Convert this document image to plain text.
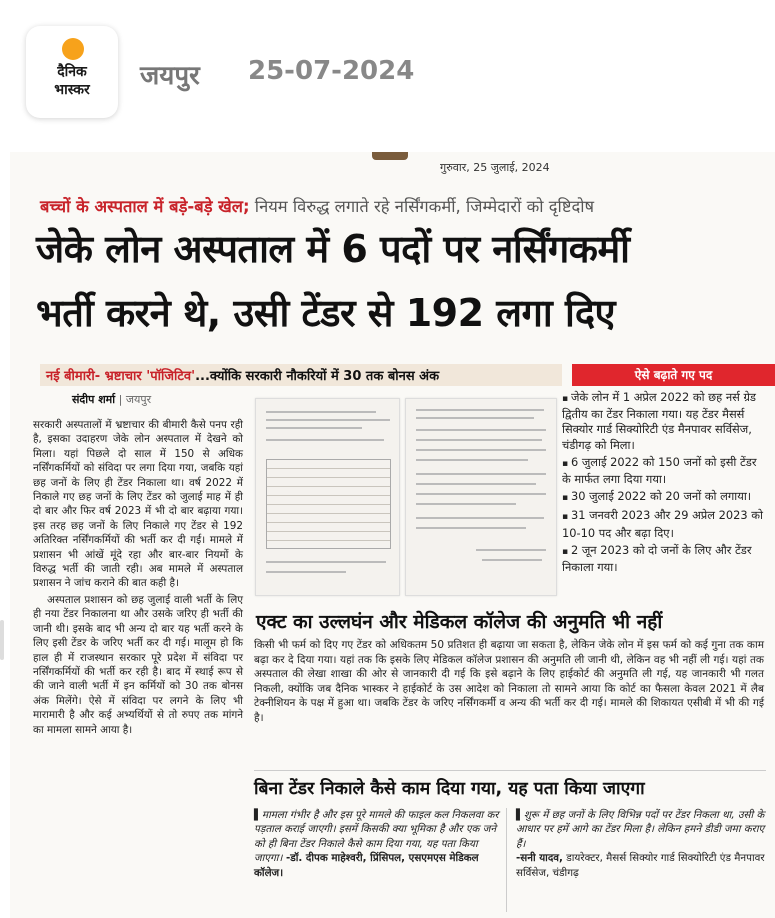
दैनिक
भास्कर	जयपुर 25-07-2024
गुरुवार, 25 जुलाई, 2024
बच्चों के अस्पताल में बड़े-बड़े खेल; नियम विरुद्ध लगाते रहे नर्सिंगकर्मी, जिम्मेदारों को दृष्टिदोष
जेके लोन अस्पताल में 6 पदों पर नर्सिंगकर्मी
भर्ती करने थे, उसी टेंडर से 192 लगा दिए
नई बीमारी- भ्रष्टाचार 'पॉजिटिव'...क्योंकि सरकारी नौकरियों में 30 तक बोनस अंक	ऐसे बढ़ाते गए पद
संदीप शर्मा | जयपुर

सरकारी अस्पतालों में भ्रष्टाचार की बीमारी कैसे पनप रही है, इसका उदाहरण जेके लोन अस्पताल में देखने को मिला। यहां पिछले दो साल में 150 से अधिक नर्सिंगकर्मियों को संविदा पर लगा दिया गया, जबकि यहां छह जनों के लिए ही टेंडर निकाला था। वर्ष 2022 में निकाले गए छह जनों के लिए टेंडर को जुलाई माह में ही दो बार और फिर वर्ष 2023 में भी दो बार बढ़ाया गया। इस तरह छह जनों के लिए निकाले गए टेंडर से 192 अतिरिक्त नर्सिंगकर्मियों की भर्ती कर दी गई। मामले में प्रशासन भी आंखें मूंदे रहा और बार-बार नियमों के विरुद्ध भर्ती की जाती रही। अब मामले में अस्पताल प्रशासन ने जांच कराने की बात कही है।

अस्पताल प्रशासन को छह जुलाई वाली भर्ती के लिए ही नया टेंडर निकालना था और उसके जरिए ही भर्ती की जानी थी। इसके बाद भी अन्य दो बार यह भर्ती करने के लिए इसी टेंडर के जरिए भर्ती कर दी गई। मालूम हो कि हाल ही में राजस्थान सरकार पूरे प्रदेश में संविदा पर नर्सिंगकर्मियों की भर्ती कर रही है। बाद में स्थाई रूप से की जाने वाली भर्ती में इन कर्मियों को 30 तक बोनस अंक मिलेंगे। ऐसे में संविदा पर लगने के लिए भी मारामारी है और कई अभ्यर्थियों से तो रुपए तक मांगने का मामला सामने आया है।

▪ जेके लोन में 1 अप्रेल 2022 को छह नर्स ग्रेड द्वितीय का टेंडर निकाला गया। यह टेंडर मैसर्स सिक्योर गार्ड सिक्योरिटी एंड मैनपावर सर्विसेज, चंडीगढ़ को मिला।
▪ 6 जुलाई 2022 को 150 जनों को इसी टेंडर के मार्फत लगा दिया गया।
▪ 30 जुलाई 2022 को 20 जनों को लगाया।
▪ 31 जनवरी 2023 और 29 अप्रेल 2023 को 10-10 पद और बढ़ा दिए।
▪ 2 जून 2023 को दो जनों के लिए और टेंडर निकाला गया।
एक्ट का उल्लघंन और मेडिकल कॉलेज की अनुमति भी नहीं
किसी भी फर्म को दिए गए टेंडर को अधिकतम 50 प्रतिशत ही बढ़ाया जा सकता है, लेकिन जेके लोन में इस फर्म को कई गुना तक काम बढ़ा कर दे दिया गया। यहां तक कि इसके लिए मेडिकल कॉलेज प्रशासन की अनुमति ली जानी थी, लेकिन वह भी नहीं ली गई। यहां तक अस्पताल की लेखा शाखा की ओर से जानकारी दी गई कि इसे बढ़ाने के लिए हाईकोर्ट की अनुमति ली गई, यह जानकारी भी गलत निकली, क्योंकि जब दैनिक भास्कर ने हाईकोर्ट के उस आदेश को निकाला तो सामने आया कि कोर्ट का फैसला केवल 2021 में लैब टेक्नीशियन के पक्ष में हुआ था। जबकि टेंडर के जरिए नर्सिंगकर्मी व अन्य की भर्ती कर दी गई। मामले की शिकायत एसीबी में भी की गई है।
बिना टेंडर निकाले कैसे काम दिया गया, यह पता किया जाएगा
▌मामला गंभीर है और इस पूरे मामले की फाइल कल निकलवा कर पड़ताल कराई जाएगी। इसमें किसकी क्या भूमिका है और एक जने को ही बिना टेंडर निकाले कैसे काम दिया गया, यह पता किया जाएगा। -डॉ. दीपक माहेश्वरी, प्रिंसिपल, एसएमएस मेडिकल कॉलेज।
▌शुरू में छह जनों के लिए विभिन्न पदों पर टेंडर निकला था, उसी के आधार पर हमें आगे का टेंडर मिला है। लेकिन हमने डीडी जमा कराए हैं।
-सनी यादव, डायरेक्टर, मैसर्स सिक्योर गार्ड सिक्योरिटी एंड मैनपावर सर्विसेज, चंडीगढ़
